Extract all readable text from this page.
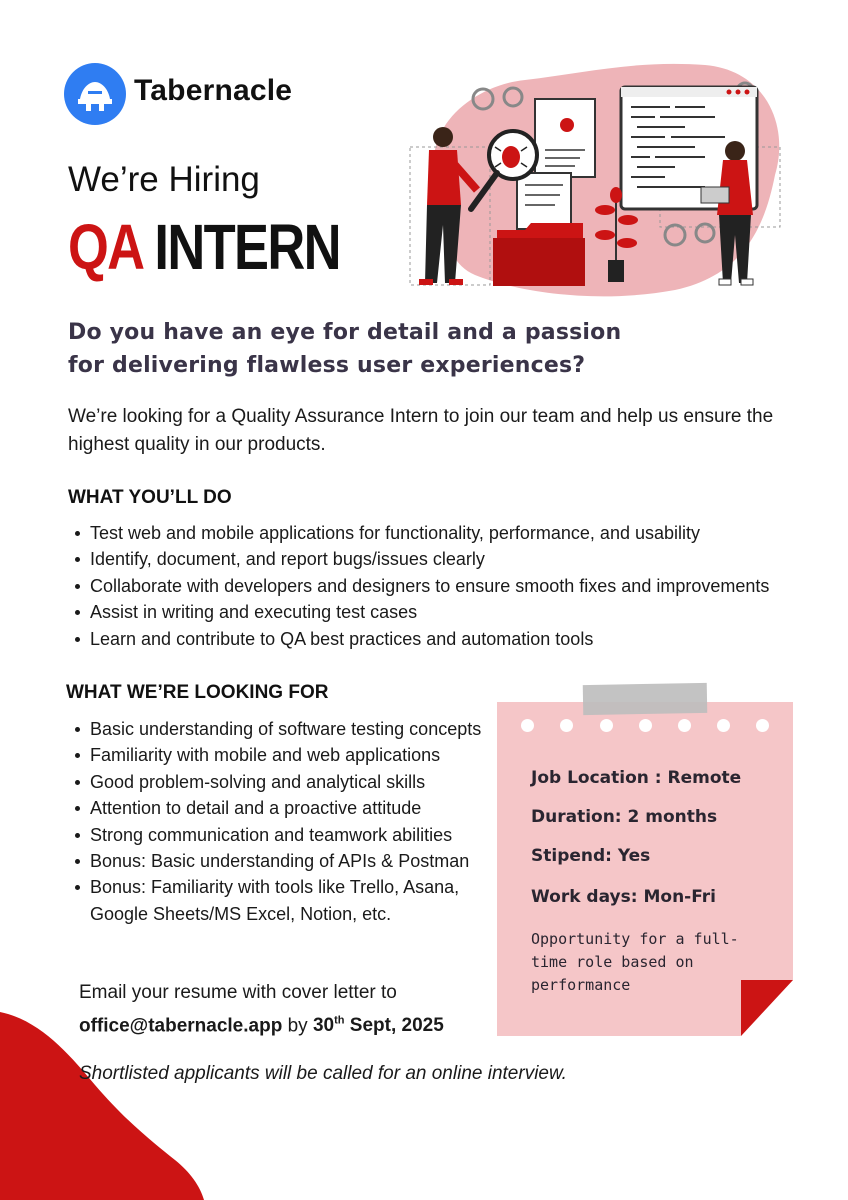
Tabernacle
We’re Hiring
QA INTERN
Do you have an eye for detail and a passion for delivering flawless user experiences?
We’re looking for a Quality Assurance Intern to join our team and help us ensure the highest quality in our products.
WHAT YOU’LL DO
Test web and mobile applications for functionality, performance, and usability
Identify, document, and report bugs/issues clearly
Collaborate with developers and designers to ensure smooth fixes and improvements
Assist in writing and executing test cases
Learn and contribute to QA best practices and automation tools
WHAT WE’RE LOOKING FOR
Basic understanding of software testing concepts
Familiarity with mobile and web applications
Good problem-solving and analytical skills
Attention to detail and a proactive attitude
Strong communication and teamwork abilities
Bonus: Basic understanding of APIs & Postman
Bonus: Familiarity with tools like Trello, Asana, Google Sheets/MS Excel, Notion, etc.
Job Location : Remote
Duration: 2 months
Stipend: Yes
Work days: Mon-Fri
Opportunity for a full-time role based on performance
Email your resume with cover letter to
office@tabernacle.app by 30th Sept, 2025
Shortlisted applicants will be called for an online interview.
